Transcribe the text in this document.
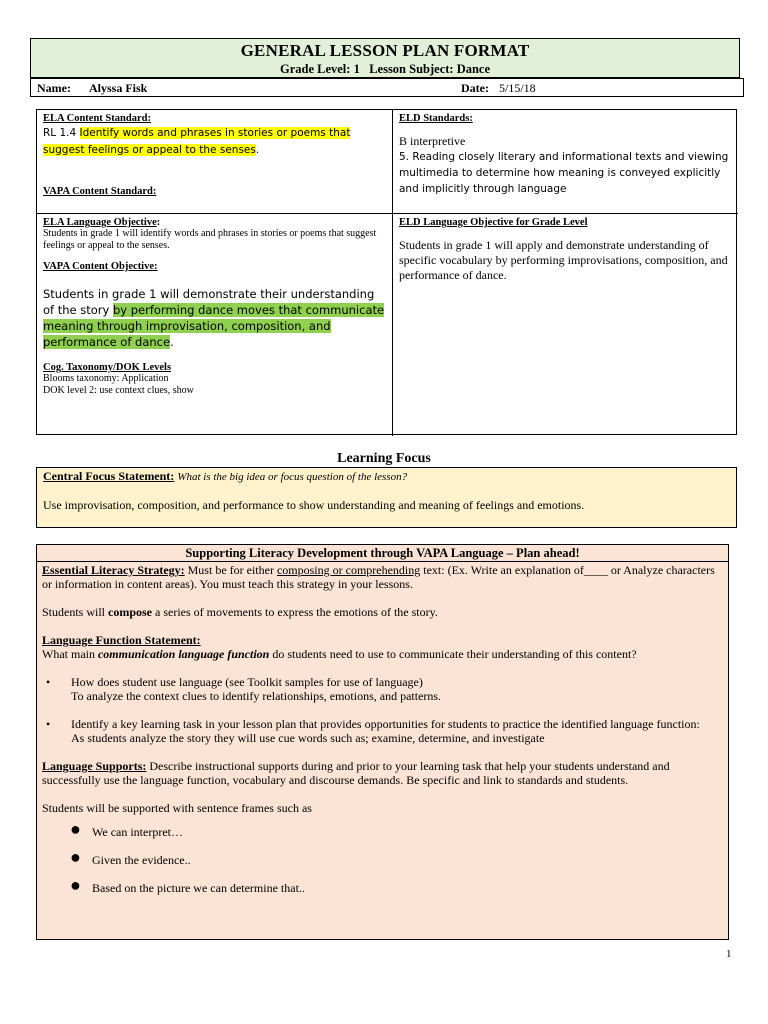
GENERAL LESSON PLAN FORMAT
Grade Level: 1 Lesson Subject: Dance
Name: Alyssa Fisk	Date: 5/15/18
ELA Content Standard:

RL 1.4 Identify words and phrases in stories or poems that suggest feelings or appeal to the senses.

VAPA Content Standard:
ELD Standards:

B interpretive

5. Reading closely literary and informational texts and viewing multimedia to determine how meaning is conveyed explicitly and implicitly through language

ELA Language Objective:

Students in grade 1 will identify words and phrases in stories or poems that suggest feelings or appeal to the senses.

VAPA Content Objective:

Students in grade 1 will demonstrate their understanding of the story by performing dance moves that communicate meaning through improvisation, composition, and performance of dance.

Cog. Taxonomy/DOK Levels

Blooms taxonomy: Application

DOK level 2: use context clues, show

ELD Language Objective for Grade Level

Students in grade 1 will apply and demonstrate understanding of specific vocabulary by performing improvisations, composition, and performance of dance.

Learning Focus

Central Focus Statement: What is the big idea or focus question of the lesson?

Use improvisation, composition, and performance to show understanding and meaning of feelings and emotions.

Supporting Literacy Development through VAPA Language – Plan ahead!

Essential Literacy Strategy: Must be for either composing or comprehending text: (Ex. Write an explanation of____ or Analyze characters or information in content areas). You must teach this strategy in your lessons.

Students will compose a series of movements to express the emotions of the story.

Language Function Statement:

What main communication language function do students need to use to communicate their understanding of this content?

• How does student use language (see Toolkit samples for use of language)

To analyze the context clues to identify relationships, emotions, and patterns.

• Identify a key learning task in your lesson plan that provides opportunities for students to practice the identified language function:

As students analyze the story they will use cue words such as; examine, determine, and investigate

Language Supports: Describe instructional supports during and prior to your learning task that help your students understand and successfully use the language function, vocabulary and discourse demands. Be specific and link to standards and students.

Students will be supported with sentence frames such as

● We can interpret…
● Given the evidence..
● Based on the picture we can determine that..
1
